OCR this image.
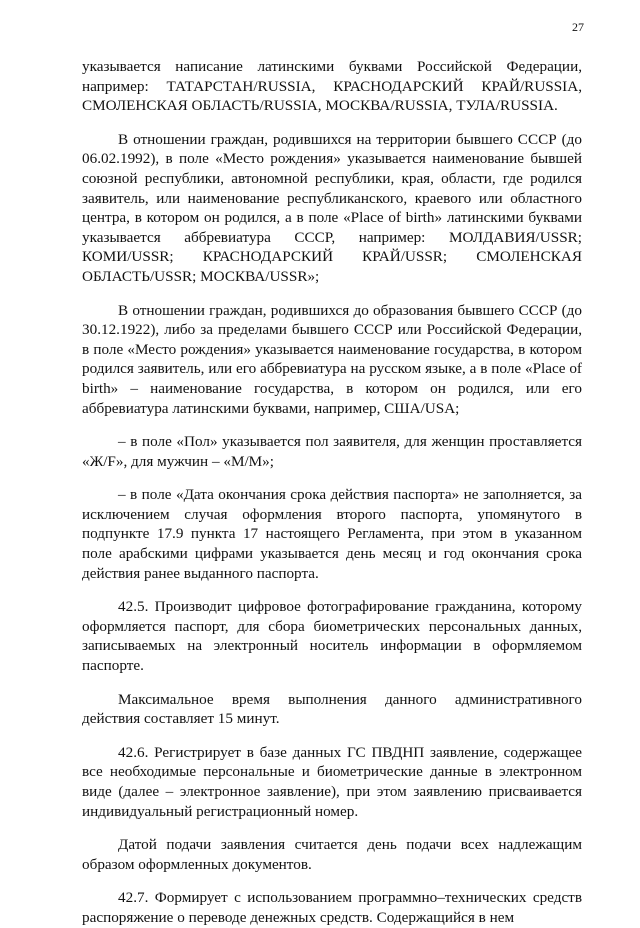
27

указывается написание латинскими буквами Российской Федерации, например: ТАТАРСТАН/RUSSIA, КРАСНОДАРСКИЙ КРАЙ/RUSSIA, СМОЛЕНСКАЯ ОБЛАСТЬ/RUSSIA, МОСКВА/RUSSIA, ТУЛА/RUSSIA.

В отношении граждан, родившихся на территории бывшего СССР (до 06.02.1992), в поле «Место рождения» указывается наименование бывшей союзной республики, автономной республики, края, области, где родился заявитель, или наименование республиканского, краевого или областного центра, в котором он родился, а в поле «Place of birth» латинскими буквами указывается аббревиатура СССР, например: МОЛДАВИЯ/USSR; КОМИ/USSR; КРАСНОДАРСКИЙ КРАЙ/USSR; СМОЛЕНСКАЯ ОБЛАСТЬ/USSR; МОСКВА/USSR»;

В отношении граждан, родившихся до образования бывшего СССР (до 30.12.1922), либо за пределами бывшего СССР или Российской Федерации, в поле «Место рождения» указывается наименование государства, в котором родился заявитель, или его аббревиатура на русском языке, а в поле «Place of birth» – наименование государства, в котором он родился, или его аббревиатура латинскими буквами, например, США/USA;

– в поле «Пол» указывается пол заявителя, для женщин проставляется «Ж/F», для мужчин – «М/M»;

– в поле «Дата окончания срока действия паспорта» не заполняется, за исключением случая оформления второго паспорта, упомянутого в подпункте 17.9 пункта 17 настоящего Регламента, при этом в указанном поле арабскими цифрами указывается день месяц и год окончания срока действия ранее выданного паспорта.

42.5. Производит цифровое фотографирование гражданина, которому оформляется паспорт, для сбора биометрических персональных данных, записываемых на электронный носитель информации в оформляемом паспорте.

Максимальное время выполнения данного административного действия составляет 15 минут.

42.6. Регистрирует в базе данных ГС ПВДНП заявление, содержащее все необходимые персональные и биометрические данные в электронном виде (далее – электронное заявление), при этом заявлению присваивается индивидуальный регистрационный номер.

Датой подачи заявления считается день подачи всех надлежащим образом оформленных документов.

42.7. Формирует с использованием программно–технических средств распоряжение о переводе денежных средств. Содержащийся в нем
